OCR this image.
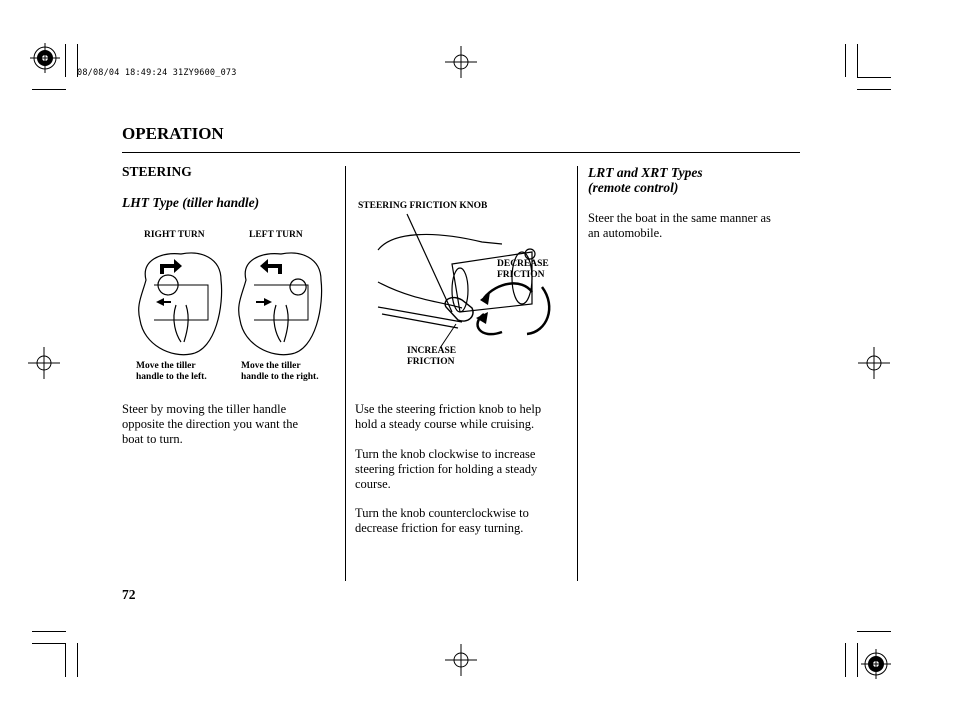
08/08/04 18:49:24 31ZY9600_073
OPERATION
STEERING
LHT Type (tiller handle)
RIGHT TURN	LEFT TURN
Move the tiller
handle to the left.
Move the tiller
handle to the right.
Steer by moving the tiller handle
opposite the direction you want the
boat to turn.
STEERING FRICTION KNOB
DECREASE
FRICTION
INCREASE
FRICTION
Use the steering friction knob to help
hold a steady course while cruising.
Turn the knob clockwise to increase
steering friction for holding a steady
course.
Turn the knob counterclockwise to
decrease friction for easy turning.
LRT and XRT Types
(remote control)
Steer the boat in the same manner as
an automobile.
72
